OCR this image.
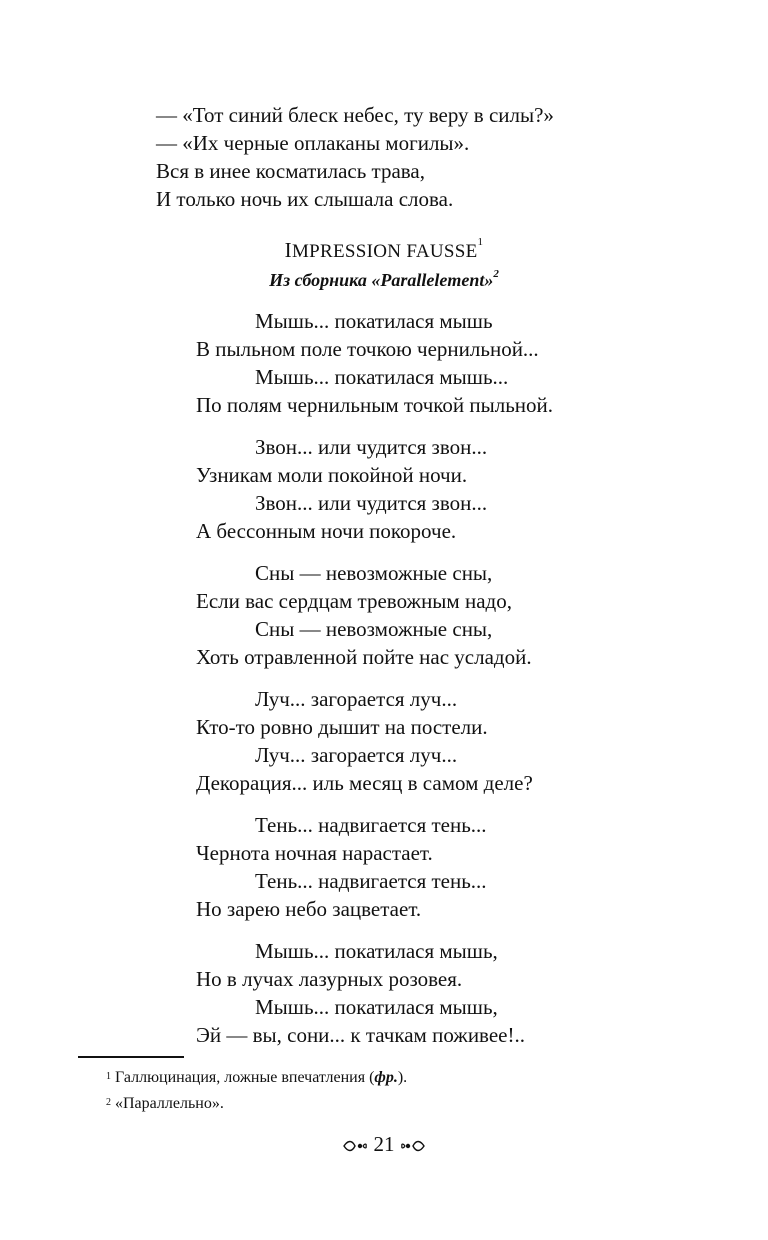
— «Тот синий блеск небес, ту веру в силы?»
— «Их черные оплаканы могилы».
Вся в инее косматилась трава,
И только ночь их слышала слова.
IMPRESSION FAUSSE$^1$
Из сборника «Parallelement»$^2$
Мышь... покатилася мышь
В пыльном поле точкою чернильной...
Мышь... покатилася мышь...
По полям чернильным точкой пыльной.
Звон... или чудится звон...
Узникам моли покойной ночи.
Звон... или чудится звон...
А бессонным ночи покороче.
Сны — невозможные сны,
Если вас сердцам тревожным надо,
Сны — невозможные сны,
Хоть отравленной пойте нас усладой.
Луч... загорается луч...
Кто-то ровно дышит на постели.
Луч... загорается луч...
Декорация... иль месяц в самом деле?
Тень... надвигается тень...
Чернота ночная нарастает.
Тень... надвигается тень...
Но зарею небо зацветает.
Мышь... покатилася мышь,
Но в лучах лазурных розовея.
Мышь... покатилася мышь,
Эй — вы, сони... к тачкам поживее!..
$^1$ Галлюцинация, ложные впечатления (фр.).
$^2$ «Параллельно».
21
